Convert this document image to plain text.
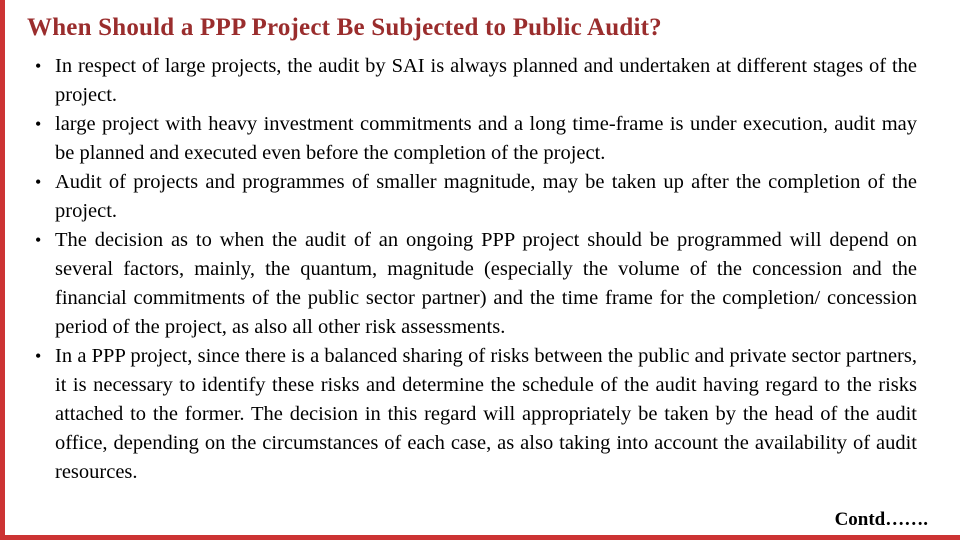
When Should a PPP Project Be Subjected to Public Audit?
• In respect of large projects, the audit by SAI is always planned and undertaken at different stages of the project.
• large project with heavy investment commitments and a long time-frame is under execution, audit may be planned and executed even before the completion of the project.
• Audit of projects and programmes of smaller magnitude, may be taken up after the completion of the project.
• The decision as to when the audit of an ongoing PPP project should be programmed will depend on several factors, mainly, the quantum, magnitude (especially the volume of the concession and the financial commitments of the public sector partner) and the time frame for the completion/ concession period of the project, as also all other risk assessments.
• In a PPP project, since there is a balanced sharing of risks between the public and private sector partners, it is necessary to identify these risks and determine the schedule of the audit having regard to the risks attached to the former. The decision in this regard will appropriately be taken by the head of the audit office, depending on the circumstances of each case, as also taking into account the availability of audit resources.
Contd…….
